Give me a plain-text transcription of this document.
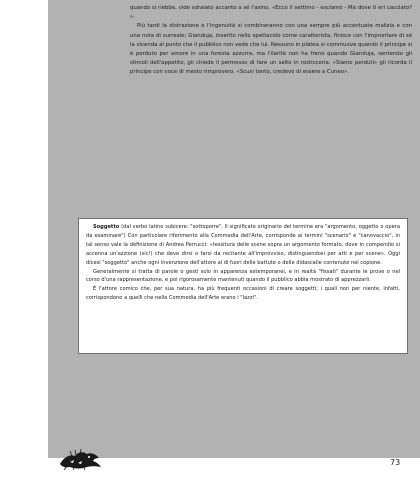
quando si riebbe, vide sdraiato accanto a sé l'asino. «Ecco il settimo - esclamò - Ma dove ti eri cacciato? ».

Più tardi la distrazione e l'ingenuità si combineranno con una sempre più accentuata malizia e con una nota di surreale; Gianduja, inserito nello spettacolo come caratterista, finisce con l'improntare di sé la vicenda al punto che il pubblico non vede che lui. Nessuno in platea si commuove quando il principe si è perduto per amore in una foresta azzurra, ma l'ilarità non ha freno quando Gianduja, sentendo gli stimoli dell'appetito, gli chiede il permesso di fare un salto in rosticceria. «Siamo perduti» gli ricorda il principe con voce di mesto rimprovero. «Scusi tanto, credevo di essere a Cuneo».

Soggetto (dal verbo latino subicere: "sottoporre". Il significato originario del termine era "argomento, oggetto o opera da esaminare") Con particolare riferimento alla Commedia dell'Arte, corrisponde ai termini "scenario" e "canovaccio", in tal senso vale la definizione di Andrea Perrucci: «tessitura delle scene sopra un argomento formato, dove in compendio si accenna un'azzione (sic!) che deve dirsi o farsi da recitante all'improvviso, distinguendosi per atti e per scene». Oggi dicesi "soggetto" anche ogni invenzione dell'attore al di fuori delle battute o delle didascalie contenute nel copione.

Generalmente si tratta di parole o gesti solo in apparenza estemporanei, e in realtà "fissati" durante le prove o nel corso d'una rappresentazione, e poi rigorosamente mantenuti quando il pubblico abbia mostrato di apprezzarli.

È l'attore comico che, per sua natura, ha più frequenti occasioni di creare soggetti; i quali non per niente, infatti, corrispondono a quelli che nella Commedia dell'Arte erano i "lazzi".

73
